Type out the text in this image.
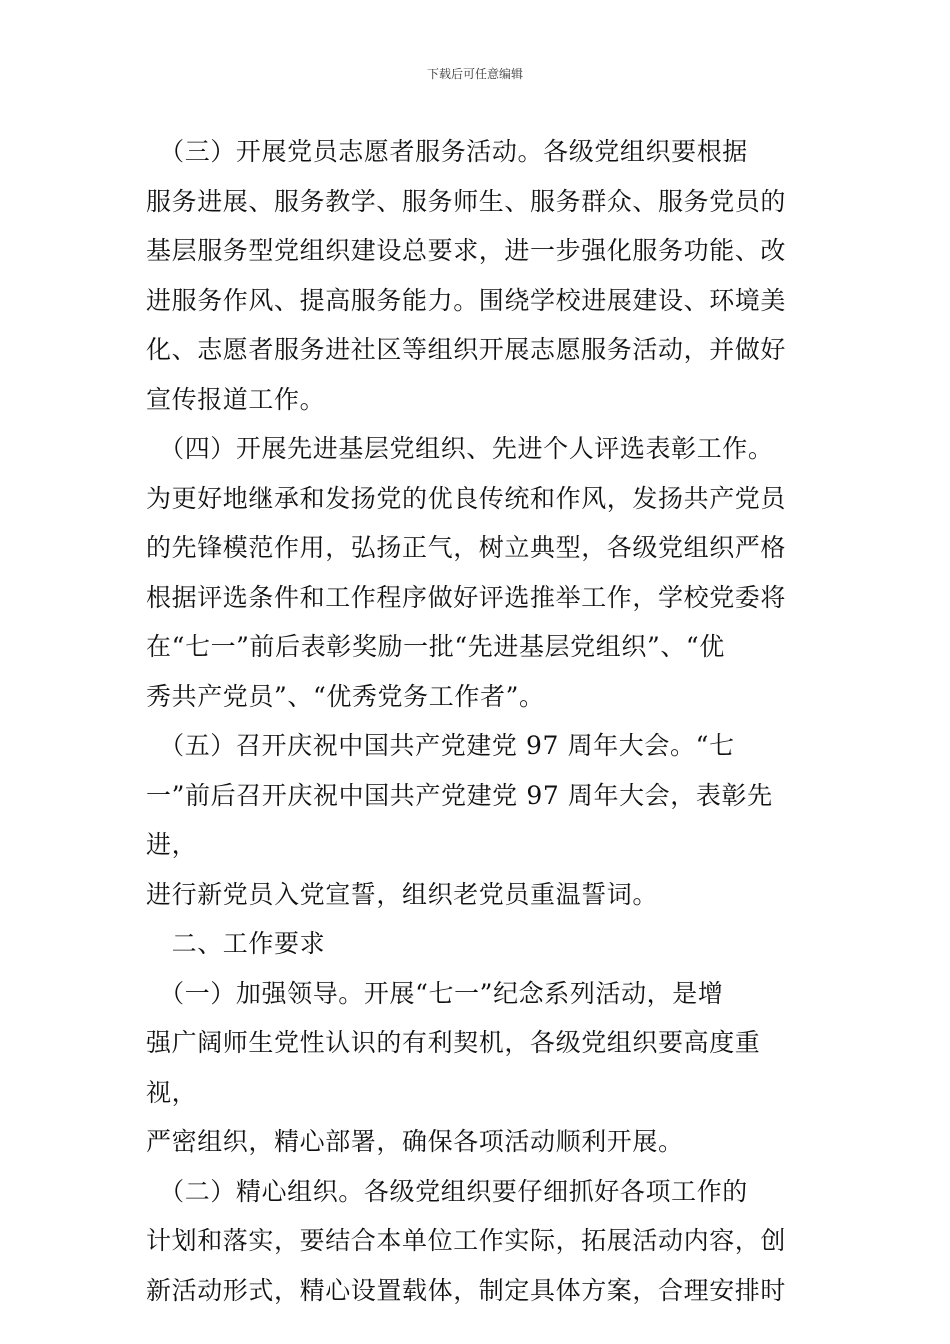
下载后可任意编辑

　（三）开展党员志愿者服务活动。各级党组织要根据
服务进展、服务教学、服务师生、服务群众、服务党员的
基层服务型党组织建设总要求，进一步强化服务功能、改
进服务作风、提高服务能力。围绕学校进展建设、环境美
化、志愿者服务进社区等组织开展志愿服务活动，并做好
宣传报道工作。

　（四）开展先进基层党组织、先进个人评选表彰工作。
为更好地继承和发扬党的优良传统和作风，发扬共产党员
的先锋模范作用，弘扬正气，树立典型，各级党组织严格
根据评选条件和工作程序做好评选推举工作，学校党委将
在“七一”前后表彰奖励一批“先进基层党组织”、“优
秀共产党员”、“优秀党务工作者”。

　（五）召开庆祝中国共产党建党 97 周年大会。“七
一”前后召开庆祝中国共产党建党 97 周年大会，表彰先进，
进行新党员入党宣誓，组织老党员重温誓词。

　二、工作要求

　（一）加强领导。开展“七一”纪念系列活动，是增
强广阔师生党性认识的有利契机，各级党组织要高度重视，
严密组织，精心部署，确保各项活动顺利开展。

　（二）精心组织。各级党组织要仔细抓好各项工作的
计划和落实，要结合本单位工作实际，拓展活动内容，创
新活动形式，精心设置载体，制定具体方案，合理安排时
